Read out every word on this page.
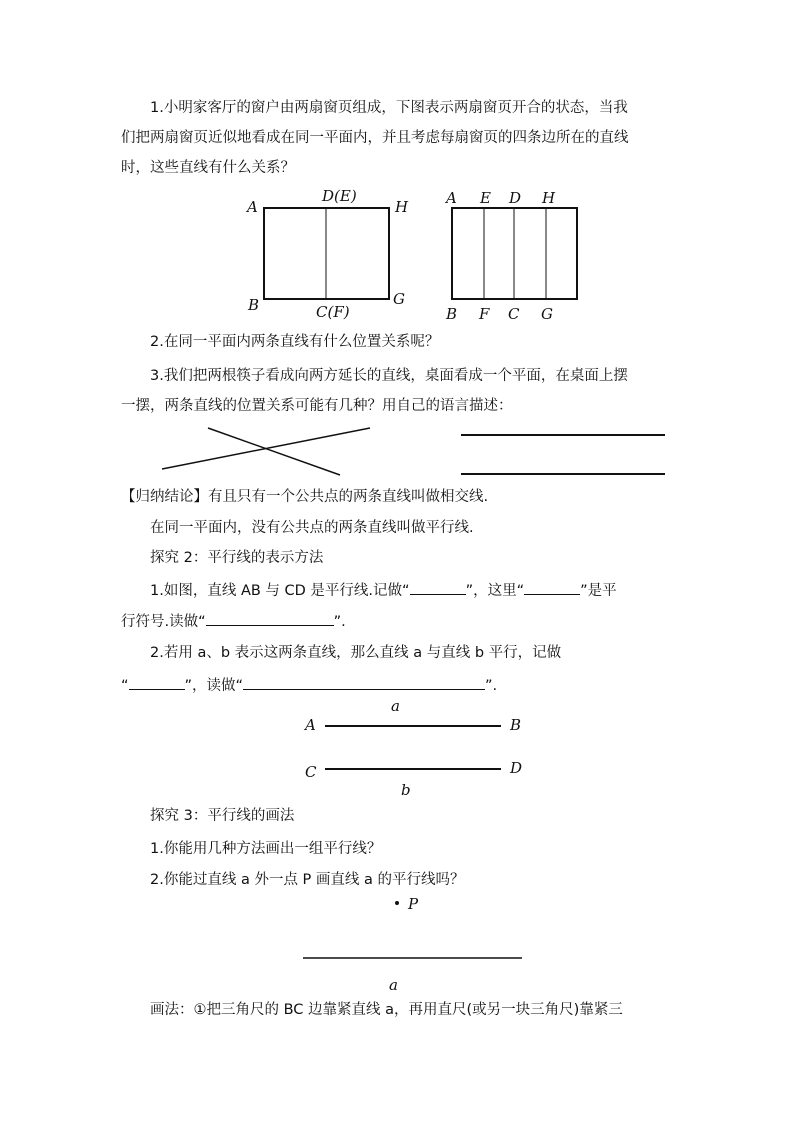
1.小明家客厅的窗户由两扇窗页组成，下图表示两扇窗页开合的状态，当我
们把两扇窗页近似地看成在同一平面内，并且考虑每扇窗页的四条边所在的直线
时，这些直线有什么关系？
A
D(E)
H
B	C(F)
G
A E D H
B F C G
2.在同一平面内两条直线有什么位置关系呢？
3.我们把两根筷子看成向两方延长的直线，桌面看成一个平面，在桌面上摆
一摆，两条直线的位置关系可能有几种？用自己的语言描述：
【归纳结论】有且只有一个公共点的两条直线叫做相交线.
在同一平面内，没有公共点的两条直线叫做平行线.
探究 2：平行线的表示方法
1.如图，直线 AB 与 CD 是平行线.记做“	”，这里“	”是平
行符号.读做“	”.
2.若用 a、b 表示这两条直线，那么直线 a 与直线 b 平行，记做
“	”，读做“	”.
a
A	B
C	D
b
探究 3：平行线的画法
1.你能用几种方法画出一组平行线？
2.你能过直线 a 外一点 P 画直线 a 的平行线吗？
P
a
画法：①把三角尺的 BC 边靠紧直线 a，再用直尺(或另一块三角尺)靠紧三
